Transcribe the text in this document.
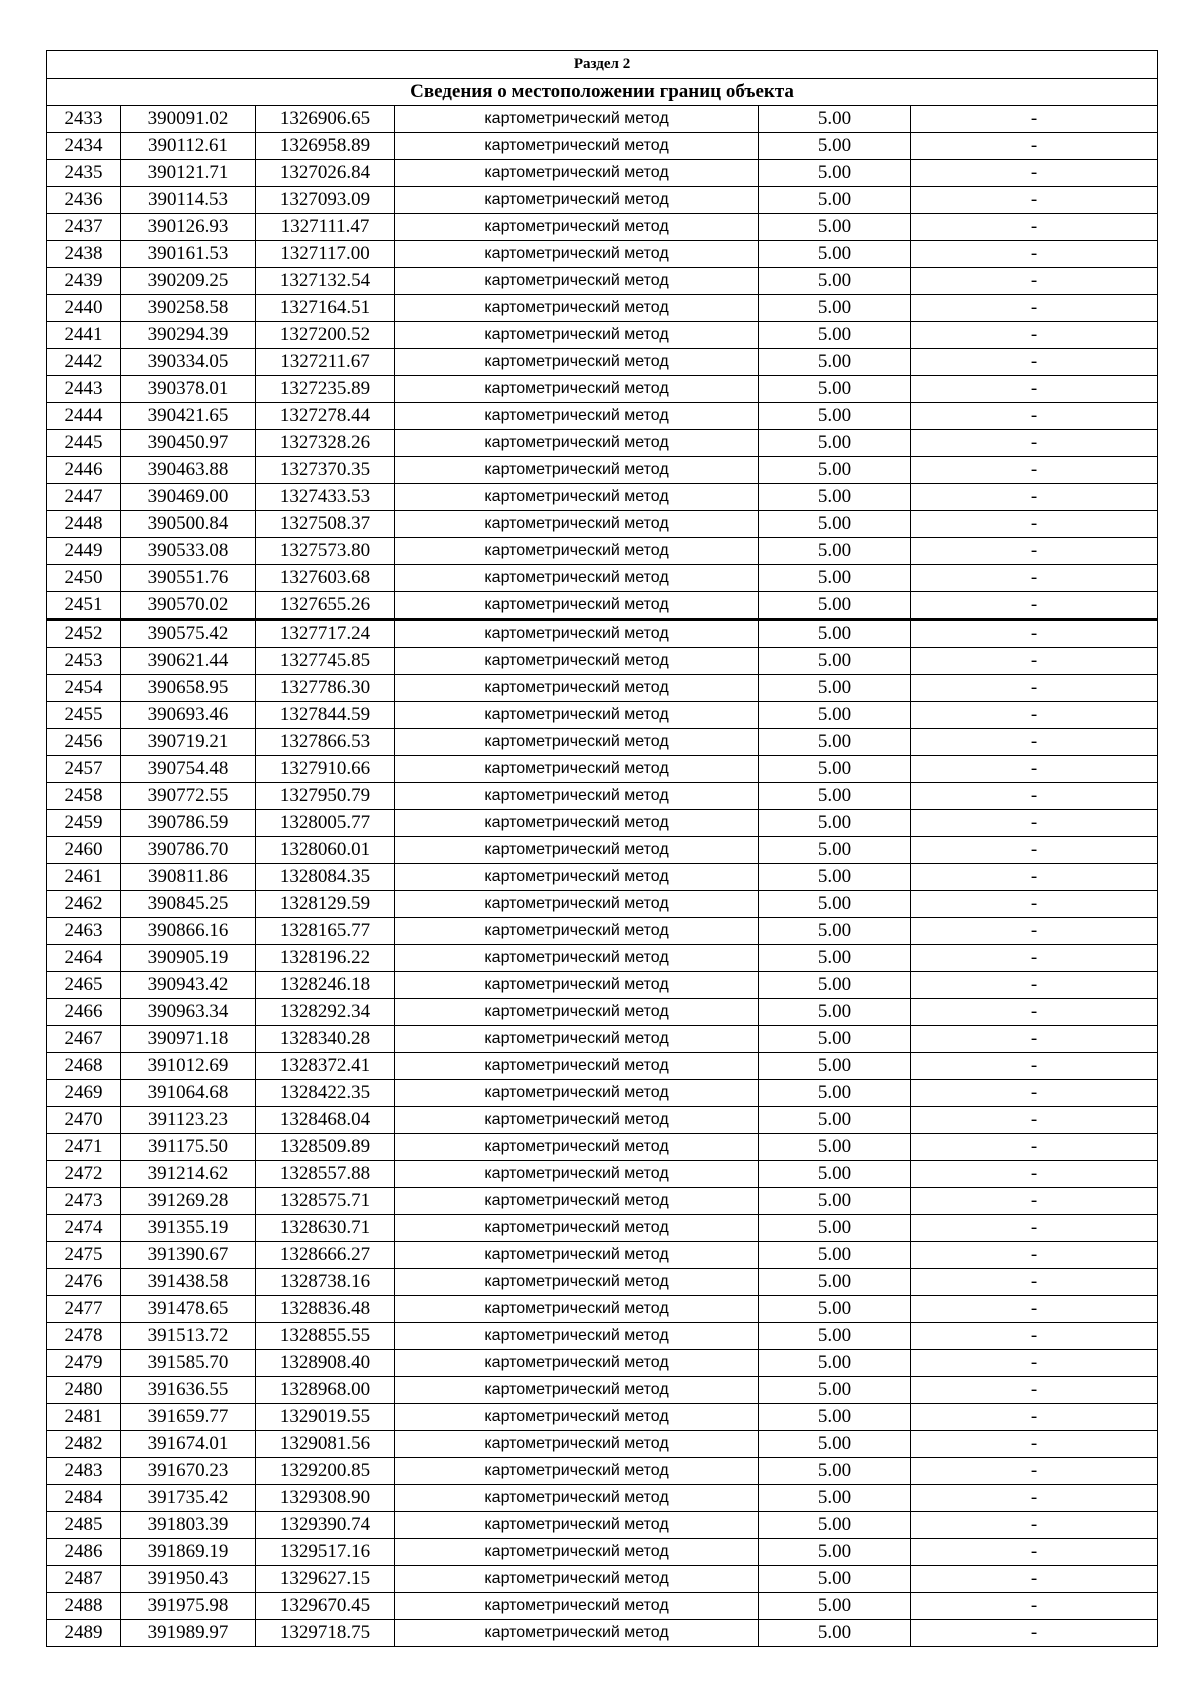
Раздел 2					
Сведения о местоположении границ объекта					
2433	390091.02	1326906.65	картометрический метод	5.00	-
2434	390112.61	1326958.89	картометрический метод	5.00	-
2435	390121.71	1327026.84	картометрический метод	5.00	-
2436	390114.53	1327093.09	картометрический метод	5.00	-
2437	390126.93	1327111.47	картометрический метод	5.00	-
2438	390161.53	1327117.00	картометрический метод	5.00	-
2439	390209.25	1327132.54	картометрический метод	5.00	-
2440	390258.58	1327164.51	картометрический метод	5.00	-
2441	390294.39	1327200.52	картометрический метод	5.00	-
2442	390334.05	1327211.67	картометрический метод	5.00	-
2443	390378.01	1327235.89	картометрический метод	5.00	-
2444	390421.65	1327278.44	картометрический метод	5.00	-
2445	390450.97	1327328.26	картометрический метод	5.00	-
2446	390463.88	1327370.35	картометрический метод	5.00	-
2447	390469.00	1327433.53	картометрический метод	5.00	-
2448	390500.84	1327508.37	картометрический метод	5.00	-
2449	390533.08	1327573.80	картометрический метод	5.00	-
2450	390551.76	1327603.68	картометрический метод	5.00	-
2451	390570.02	1327655.26	картометрический метод	5.00	-
2452	390575.42	1327717.24	картометрический метод	5.00	-
2453	390621.44	1327745.85	картометрический метод	5.00	-
2454	390658.95	1327786.30	картометрический метод	5.00	-
2455	390693.46	1327844.59	картометрический метод	5.00	-
2456	390719.21	1327866.53	картометрический метод	5.00	-
2457	390754.48	1327910.66	картометрический метод	5.00	-
2458	390772.55	1327950.79	картометрический метод	5.00	-
2459	390786.59	1328005.77	картометрический метод	5.00	-
2460	390786.70	1328060.01	картометрический метод	5.00	-
2461	390811.86	1328084.35	картометрический метод	5.00	-
2462	390845.25	1328129.59	картометрический метод	5.00	-
2463	390866.16	1328165.77	картометрический метод	5.00	-
2464	390905.19	1328196.22	картометрический метод	5.00	-
2465	390943.42	1328246.18	картометрический метод	5.00	-
2466	390963.34	1328292.34	картометрический метод	5.00	-
2467	390971.18	1328340.28	картометрический метод	5.00	-
2468	391012.69	1328372.41	картометрический метод	5.00	-
2469	391064.68	1328422.35	картометрический метод	5.00	-
2470	391123.23	1328468.04	картометрический метод	5.00	-
2471	391175.50	1328509.89	картометрический метод	5.00	-
2472	391214.62	1328557.88	картометрический метод	5.00	-
2473	391269.28	1328575.71	картометрический метод	5.00	-
2474	391355.19	1328630.71	картометрический метод	5.00	-
2475	391390.67	1328666.27	картометрический метод	5.00	-
2476	391438.58	1328738.16	картометрический метод	5.00	-
2477	391478.65	1328836.48	картометрический метод	5.00	-
2478	391513.72	1328855.55	картометрический метод	5.00	-
2479	391585.70	1328908.40	картометрический метод	5.00	-
2480	391636.55	1328968.00	картометрический метод	5.00	-
2481	391659.77	1329019.55	картометрический метод	5.00	-
2482	391674.01	1329081.56	картометрический метод	5.00	-
2483	391670.23	1329200.85	картометрический метод	5.00	-
2484	391735.42	1329308.90	картометрический метод	5.00	-
2485	391803.39	1329390.74	картометрический метод	5.00	-
2486	391869.19	1329517.16	картометрический метод	5.00	-
2487	391950.43	1329627.15	картометрический метод	5.00	-
2488	391975.98	1329670.45	картометрический метод	5.00	-
2489	391989.97	1329718.75	картометрический метод	5.00	-
